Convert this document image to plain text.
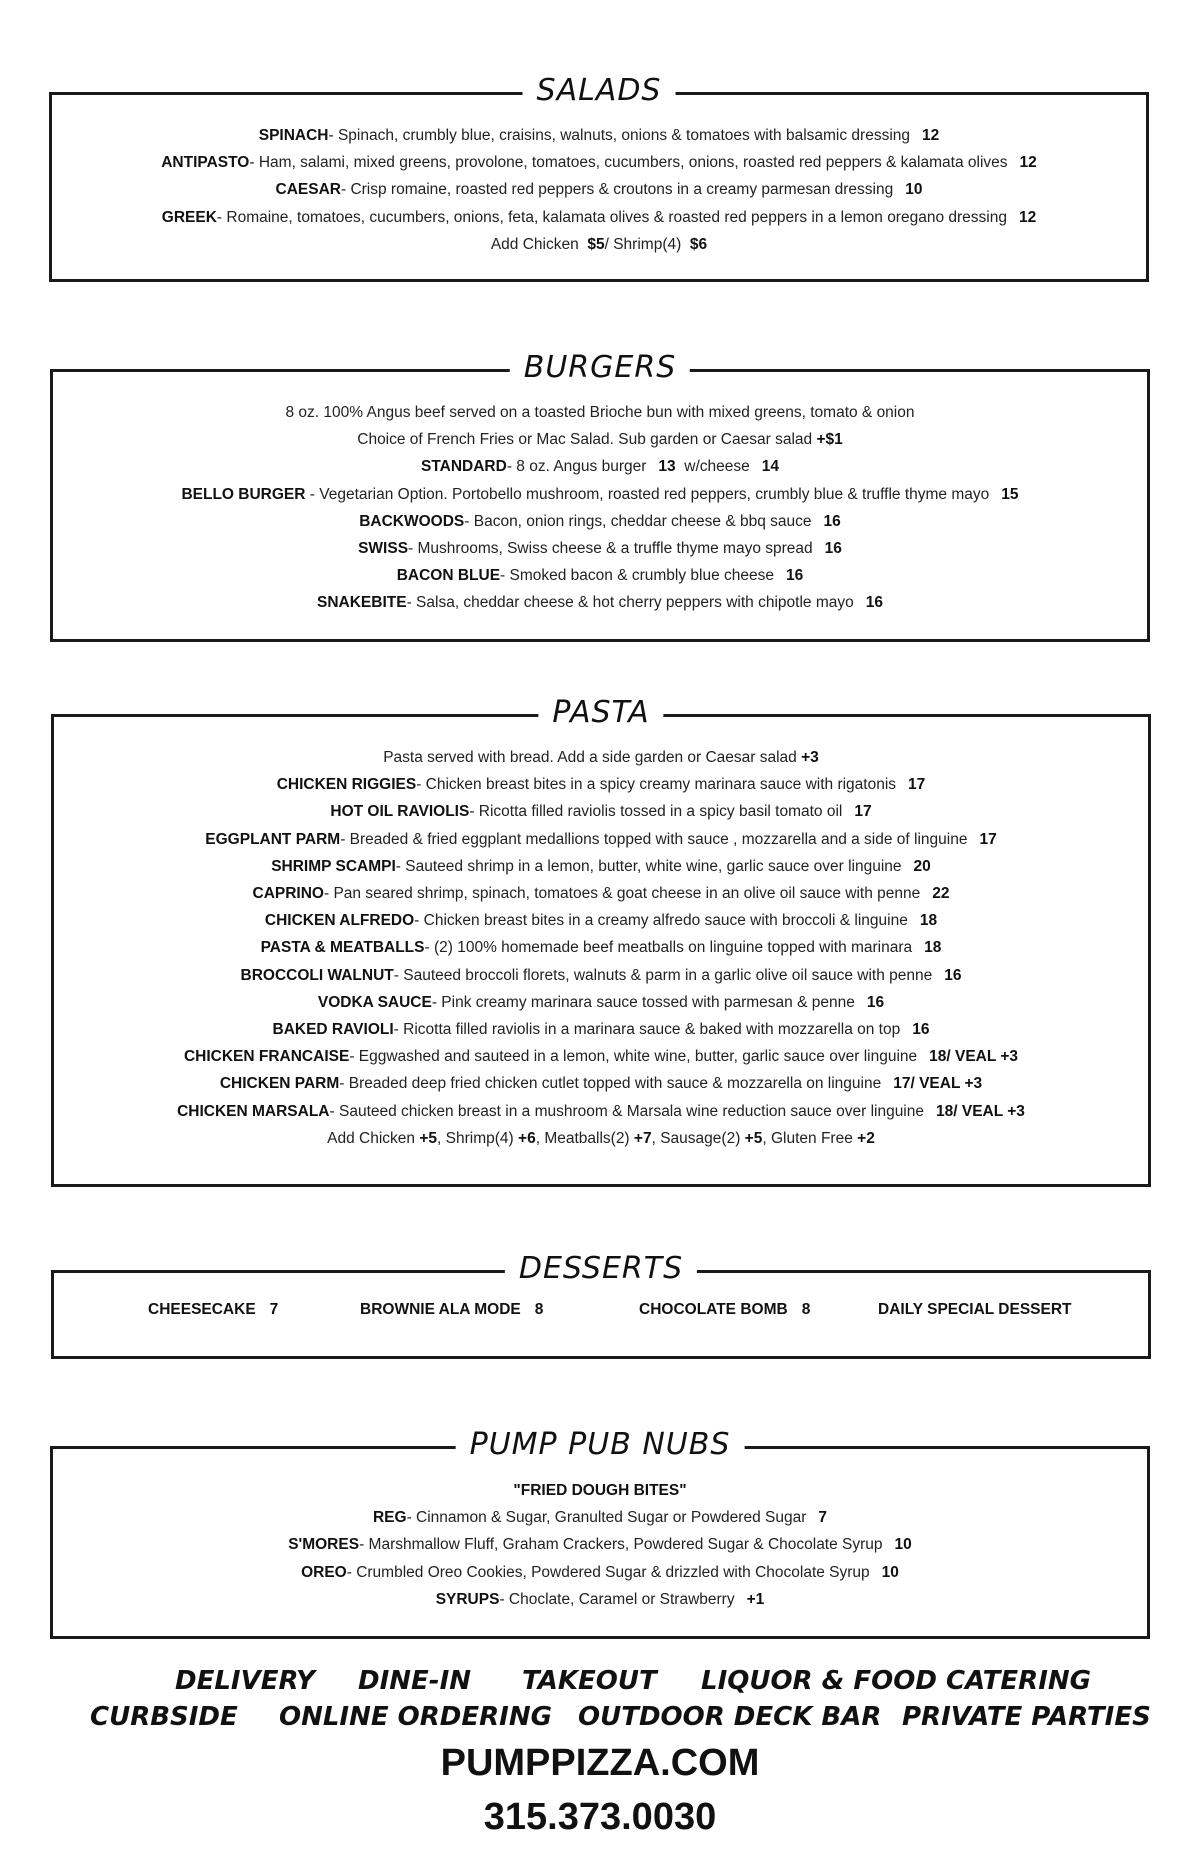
SALADS
SPINACH- Spinach, crumbly blue, craisins, walnuts, onions & tomatoes with balsamic dressing 12
ANTIPASTO- Ham, salami, mixed greens, provolone, tomatoes, cucumbers, onions, roasted red peppers & kalamata olives 12
CAESAR- Crisp romaine, roasted red peppers & croutons in a creamy parmesan dressing 10
GREEK- Romaine, tomatoes, cucumbers, onions, feta, kalamata olives & roasted red peppers in a lemon oregano dressing 12
Add Chicken $5/ Shrimp(4) $6
BURGERS
8 oz. 100% Angus beef served on a toasted Brioche bun with mixed greens, tomato & onion
Choice of French Fries or Mac Salad. Sub garden or Caesar salad +$1
STANDARD- 8 oz. Angus burger 13 w/cheese 14
BELLO BURGER - Vegetarian Option. Portobello mushroom, roasted red peppers, crumbly blue & truffle thyme mayo 15
BACKWOODS- Bacon, onion rings, cheddar cheese & bbq sauce 16
SWISS- Mushrooms, Swiss cheese & a truffle thyme mayo spread 16
BACON BLUE- Smoked bacon & crumbly blue cheese 16
SNAKEBITE- Salsa, cheddar cheese & hot cherry peppers with chipotle mayo 16
PASTA
Pasta served with bread. Add a side garden or Caesar salad +3
CHICKEN RIGGIES- Chicken breast bites in a spicy creamy marinara sauce with rigatonis 17
HOT OIL RAVIOLIS- Ricotta filled raviolis tossed in a spicy basil tomato oil 17
EGGPLANT PARM- Breaded & fried eggplant medallions topped with sauce , mozzarella and a side of linguine 17
SHRIMP SCAMPI- Sauteed shrimp in a lemon, butter, white wine, garlic sauce over linguine 20
CAPRINO- Pan seared shrimp, spinach, tomatoes & goat cheese in an olive oil sauce with penne 22
CHICKEN ALFREDO- Chicken breast bites in a creamy alfredo sauce with broccoli & linguine 18
PASTA & MEATBALLS- (2) 100% homemade beef meatballs on linguine topped with marinara 18
BROCCOLI WALNUT- Sauteed broccoli florets, walnuts & parm in a garlic olive oil sauce with penne 16
VODKA SAUCE- Pink creamy marinara sauce tossed with parmesan & penne 16
BAKED RAVIOLI- Ricotta filled raviolis in a marinara sauce & baked with mozzarella on top 16
CHICKEN FRANCAISE- Eggwashed and sauteed in a lemon, white wine, butter, garlic sauce over linguine 18/ VEAL +3
CHICKEN PARM- Breaded deep fried chicken cutlet topped with sauce & mozzarella on linguine 17/ VEAL +3
CHICKEN MARSALA- Sauteed chicken breast in a mushroom & Marsala wine reduction sauce over linguine 18/ VEAL +3
Add Chicken +5, Shrimp(4) +6, Meatballs(2) +7, Sausage(2) +5, Gluten Free +2
DESSERTS
CHEESECAKE 7	BROWNIE ALA MODE 8	CHOCOLATE BOMB 8	DAILY SPECIAL DESSERT
PUMP PUB NUBS
"FRIED DOUGH BITES"
REG- Cinnamon & Sugar, Granulted Sugar or Powdered Sugar 7
S'MORES- Marshmallow Fluff, Graham Crackers, Powdered Sugar & Chocolate Syrup 10
OREO- Crumbled Oreo Cookies, Powdered Sugar & drizzled with Chocolate Syrup 10
SYRUPS- Choclate, Caramel or Strawberry +1
DELIVERY DINE-IN TAKEOUT LIQUOR & FOOD CATERING
CURBSIDE ONLINE ORDERING OUTDOOR DECK BAR PRIVATE PARTIES
PUMPPIZZA.COM
315.373.0030
